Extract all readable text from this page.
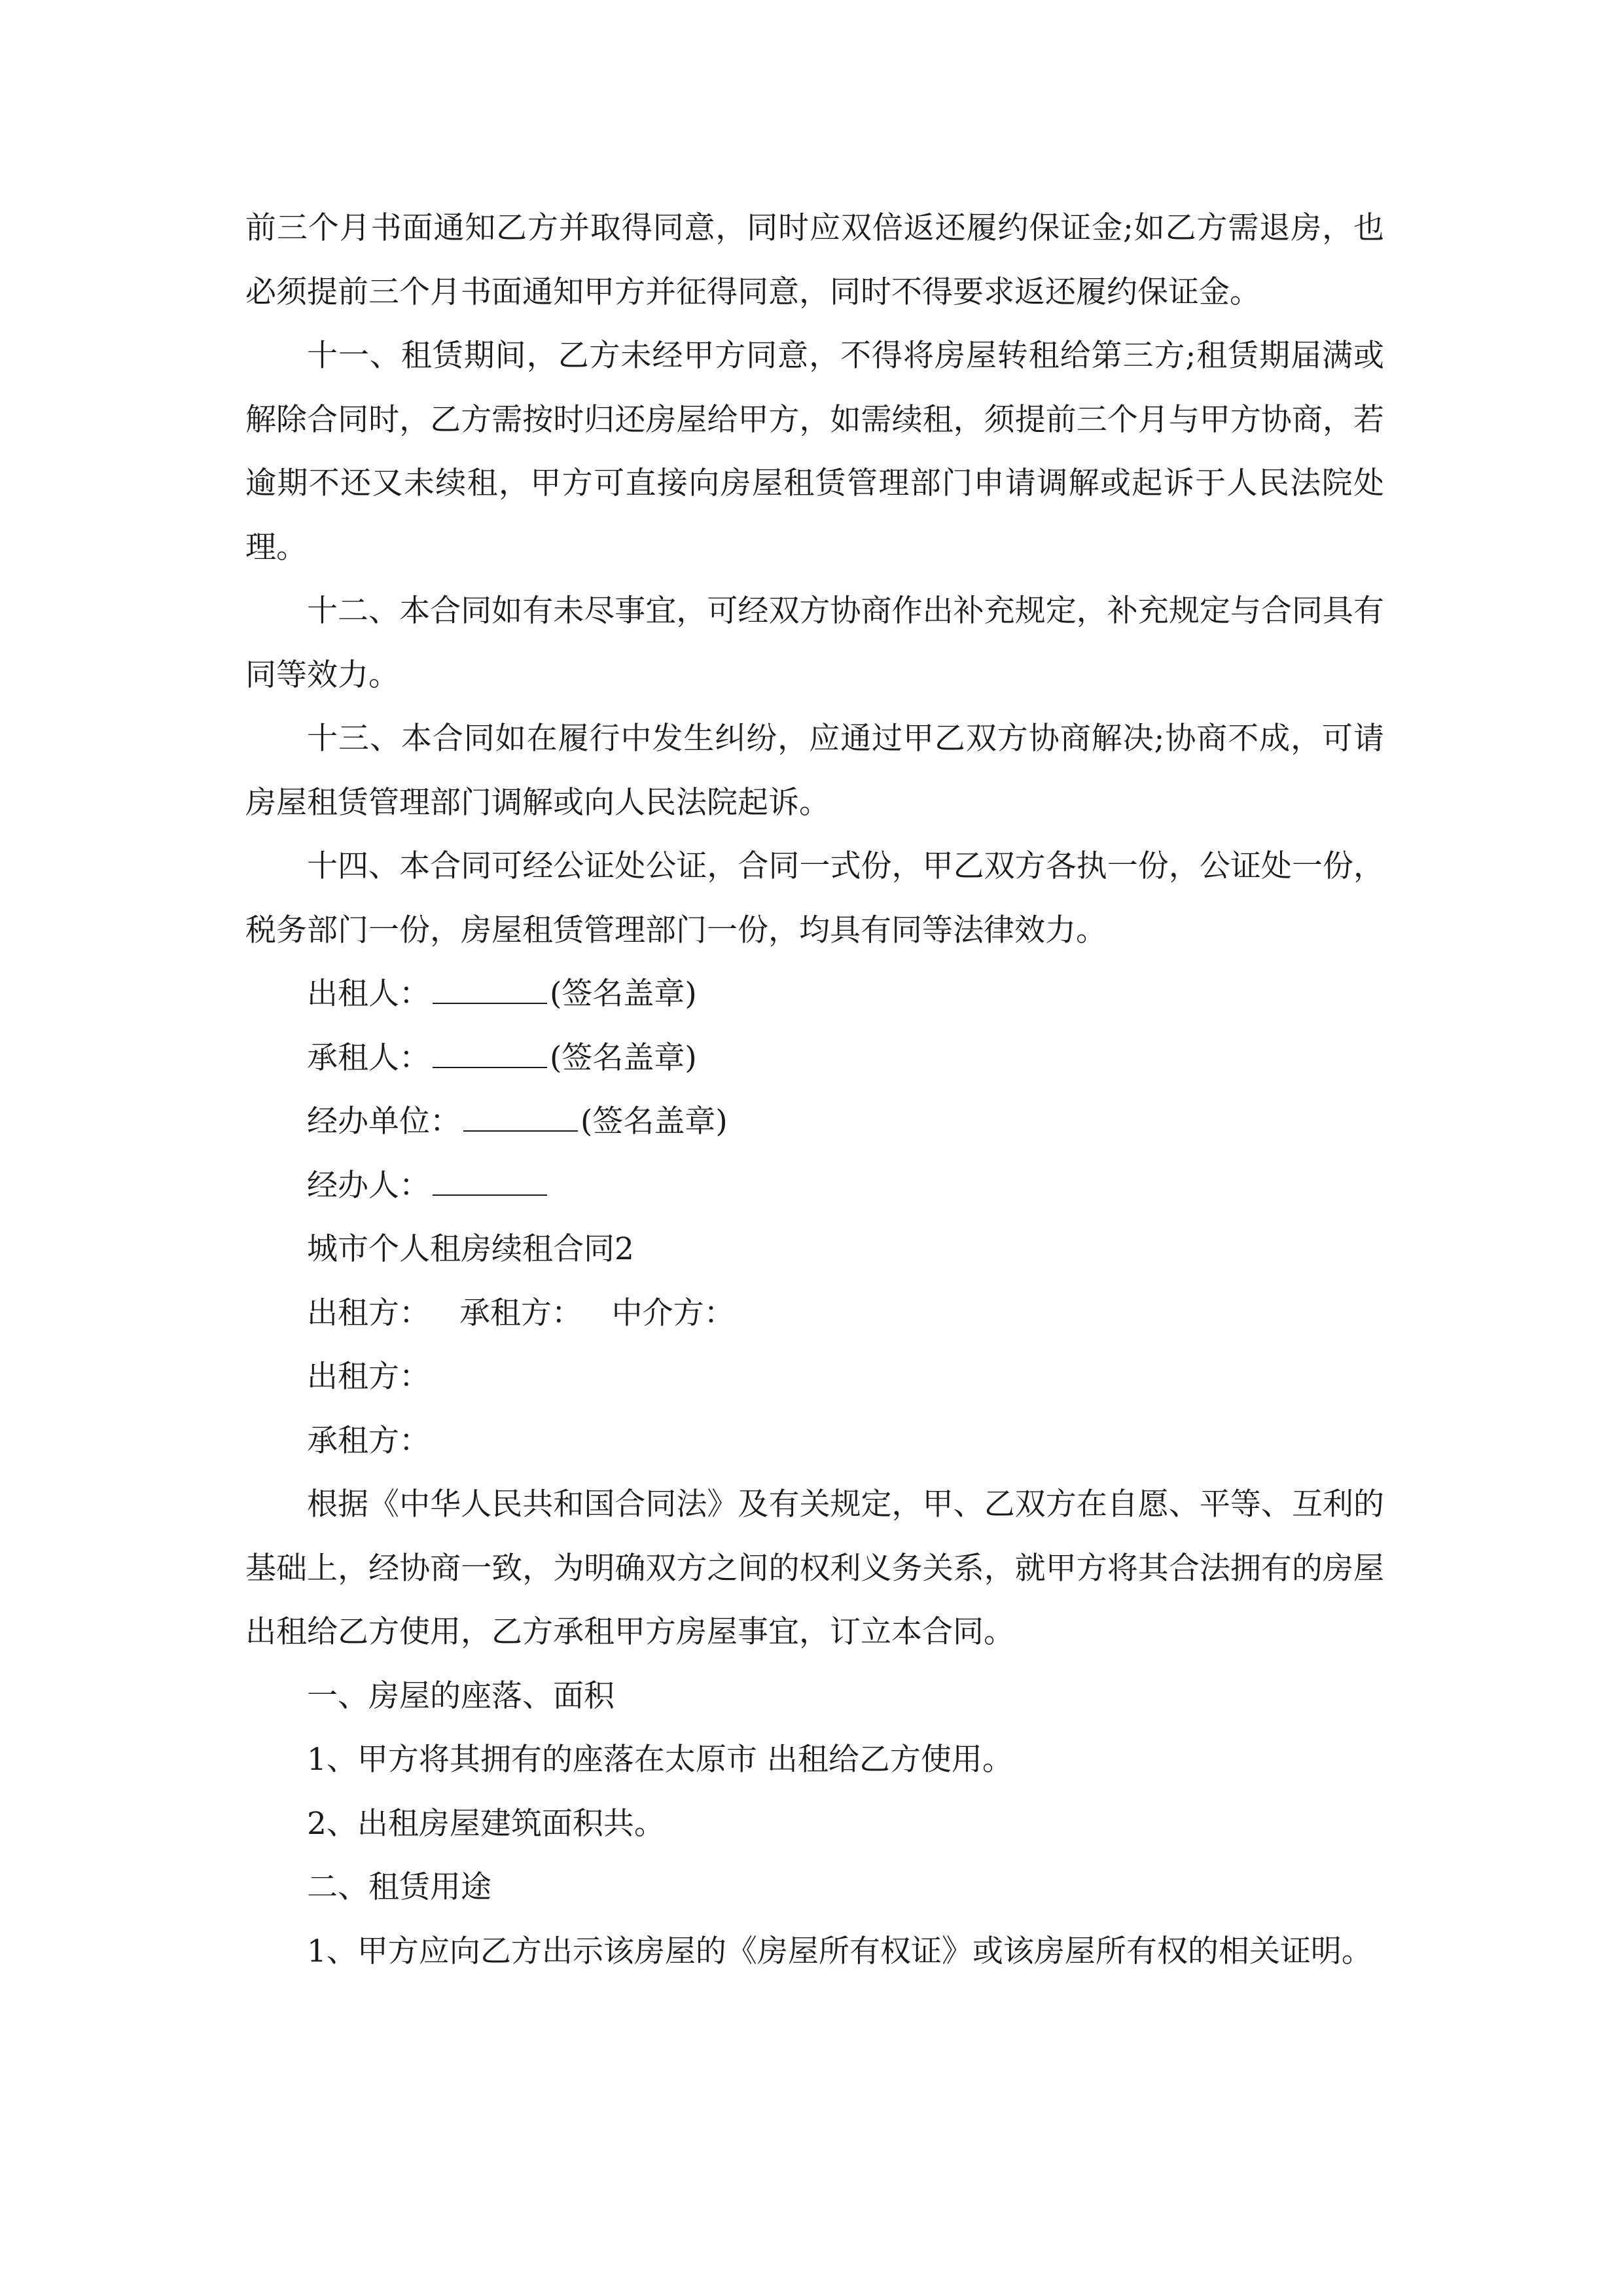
前三个月书面通知乙方并取得同意，同时应双倍返还履约保证金;如乙方需退房，也必须提前三个月书面通知甲方并征得同意，同时不得要求返还履约保证金。

十一、租赁期间，乙方未经甲方同意，不得将房屋转租给第三方;租赁期届满或解除合同时，乙方需按时归还房屋给甲方，如需续租，须提前三个月与甲方协商，若逾期不还又未续租，甲方可直接向房屋租赁管理部门申请调解或起诉于人民法院处理。

十二、本合同如有未尽事宜，可经双方协商作出补充规定，补充规定与合同具有同等效力。

十三、本合同如在履行中发生纠纷，应通过甲乙双方协商解决;协商不成，可请房屋租赁管理部门调解或向人民法院起诉。

十四、本合同可经公证处公证，合同一式份，甲乙双方各执一份，公证处一份，税务部门一份，房屋租赁管理部门一份，均具有同等法律效力。

出租人：	(签名盖章)

承租人：	(签名盖章)

经办单位：	(签名盖章)

经办人：

城市个人租房续租合同2

出租方：   承租方：   中介方：

出租方：

承租方：

根据《中华人民共和国合同法》及有关规定，甲、乙双方在自愿、平等、互利的基础上，经协商一致，为明确双方之间的权利义务关系，就甲方将其合法拥有的房屋出租给乙方使用，乙方承租甲方房屋事宜，订立本合同。

一、房屋的座落、面积

1、甲方将其拥有的座落在太原市 出租给乙方使用。

2、出租房屋建筑面积共。

二、租赁用途

1、甲方应向乙方出示该房屋的《房屋所有权证》或该房屋所有权的相关证明。
